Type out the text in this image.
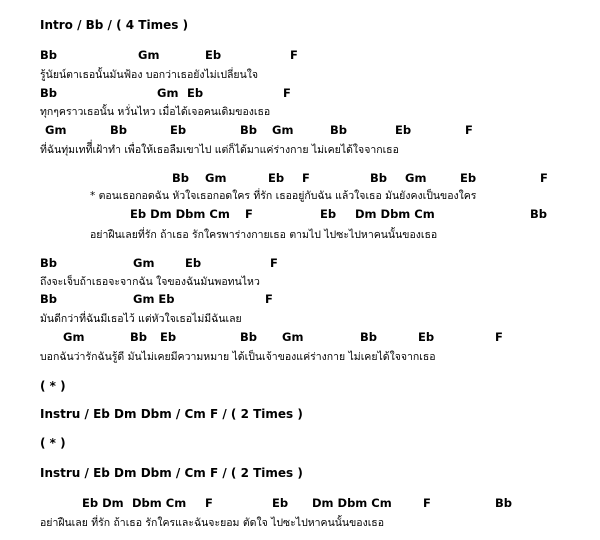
Intro / Bb / ( 4 Times )
Bb	Gm	Eb	F
รู้นัยน์ตาเธอนั้นมันฟ้อง บอกว่าเธอยังไม่เปลี่ยนใจ
Bb	Gm Eb	F
ทุกๆคราวเธอนั้น หวั่นไหว เมื่อได้เจอคนเดิมของเธอ
Gm	Bb	Eb	Bb Gm	Bb	Eb	F
ที่ฉันทุ่มเททีี่เฝ้าทำ เพื่อให้เธอลืมเขาไป แต่ก็ได้มาแค่ร่างกาย ไม่เคยได้ใจจากเธอ
Bb Gm	Eb F	Bb Gm	Eb	F
* ตอนเธอกอดฉัน หัวใจเธอกอดใคร ที่รัก เธออยู่กับฉัน แล้วใจเธอ มันยังคงเป็นของใคร
Eb Dm Dbm Cm F	Eb Dm Dbm Cm	Bb
อย่าฝืนเลยที่รัก ถ้าเธอ รักใครพาร่างกายเธอ ตามไป ไปซะไปหาคนนั้นของเธอ
Bb	Gm	Eb	F
ถึงจะเจ็บถ้าเธอจะจากฉัน ใจของฉันมันพอทนไหว
Bb	Gm Eb	F
มันดีกว่าที่ฉันมีเธอไว้ แต่หัวใจเธอไม่มีฉันเลย
Gm	Bb Eb	Bb Gm	Bb	Eb	F
บอกฉันว่ารักฉันรู้ดี มันไม่เคยมีความหมาย ได้เป็นเจ้าของแค่ร่างกาย ไม่เคยได้ใจจากเธอ
( * )
Instru / Eb Dm Dbm / Cm F / ( 2 Times )
( * )
Instru / Eb Dm Dbm / Cm F / ( 2 Times )
Eb Dm Dbm Cm F	Eb Dm Dbm Cm	F	Bb
อย่าฝืนเลย ที่รัก ถ้าเธอ รักใครและฉันจะยอม ตัดใจ ไปซะไปหาคนนั้นของเธอ
